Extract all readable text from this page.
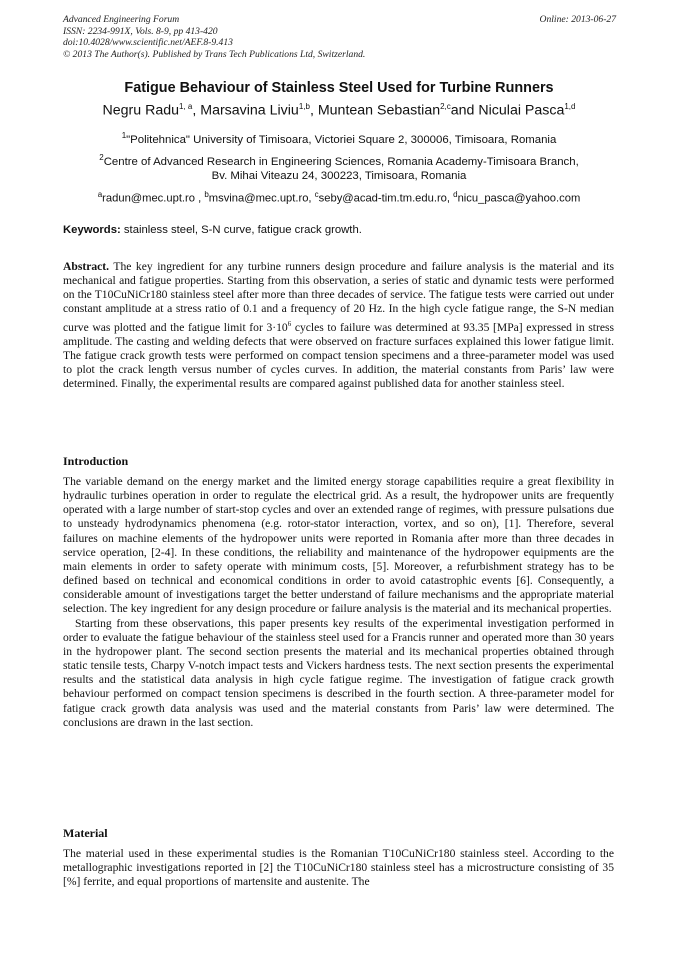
Advanced Engineering Forum
ISSN: 2234-991X, Vols. 8-9, pp 413-420
doi:10.4028/www.scientific.net/AEF.8-9.413
© 2013 The Author(s). Published by Trans Tech Publications Ltd, Switzerland.
Online: 2013-06-27
Fatigue Behaviour of Stainless Steel Used for Turbine Runners
Negru Radu$^{1, a}$, Marsavina Liviu$^{1,b}$, Muntean Sebastian$^{2,c}$and Niculai Pasca$^{1,d}$
$^1$"Politehnica" University of Timisoara, Victoriei Square 2, 300006, Timisoara, Romania
$^2$Centre of Advanced Research in Engineering Sciences, Romania Academy-Timisoara Branch,
Bv. Mihai Viteazu 24, 300223, Timisoara, Romania
$^a$radun@mec.upt.ro , $^b$msvina@mec.upt.ro, $^c$seby@acad-tim.tm.edu.ro, $^d$nicu_pasca@yahoo.com
Keywords: stainless steel, S-N curve, fatigue crack growth.

Abstract. The key ingredient for any turbine runners design procedure and failure analysis is the material and its mechanical and fatigue properties. Starting from this observation, a series of static and dynamic tests were performed on the T10CuNiCr180 stainless steel after more than three decades of service. The fatigue tests were carried out under constant amplitude at a stress ratio of 0.1 and a frequency of 20 Hz. In the high cycle fatigue range, the S-N median curve was plotted and the fatigue limit for $3\cdot 10^6$ cycles to failure was determined at 93.35 [MPa] expressed in stress amplitude. The casting and welding defects that were observed on fracture surfaces explained this lower fatigue limit. The fatigue crack growth tests were performed on compact tension specimens and a three-parameter model was used to plot the crack length versus number of cycles curves. In addition, the material constants from Paris’ law were determined. Finally, the experimental results are compared against published data for another stainless steel.

Introduction

The variable demand on the energy market and the limited energy storage capabilities require a great flexibility in hydraulic turbines operation in order to regulate the electrical grid. As a result, the hydropower units are frequently operated with a large number of start-stop cycles and over an extended range of regimes, with pressure pulsations due to unsteady hydrodynamics phenomena (e.g. rotor-stator interaction, vortex, and so on), [1]. Therefore, several failures on machine elements of the hydropower units were reported in Romania after more than three decades in service operation, [2-4]. In these conditions, the reliability and maintenance of the hydropower equipments are the main elements in order to safety operate with minimum costs, [5]. Moreover, a refurbishment strategy has to be defined based on technical and economical conditions in order to avoid catastrophic events [6]. Consequently, a considerable amount of investigations target the better understand of failure mechanisms and the appropriate material selection. The key ingredient for any design procedure or failure analysis is the material and its mechanical properties.

Starting from these observations, this paper presents key results of the experimental investigation performed in order to evaluate the fatigue behaviour of the stainless steel used for a Francis runner and operated more than 30 years in the hydropower plant. The second section presents the material and its mechanical properties obtained through static tensile tests, Charpy V-notch impact tests and Vickers hardness tests. The next section presents the experimental results and the statistical data analysis in high cycle fatigue regime. The investigation of fatigue crack growth behaviour performed on compact tension specimens is described in the fourth section. A three-parameter model for fatigue crack growth data analysis was used and the material constants from Paris’ law were determined. The conclusions are drawn in the last section.

Material

The material used in these experimental studies is the Romanian T10CuNiCr180 stainless steel. According to the metallographic investigations reported in [2] the T10CuNiCr180 stainless steel has a microstructure consisting of 35 [%] ferrite, and equal proportions of martensite and austenite. The
